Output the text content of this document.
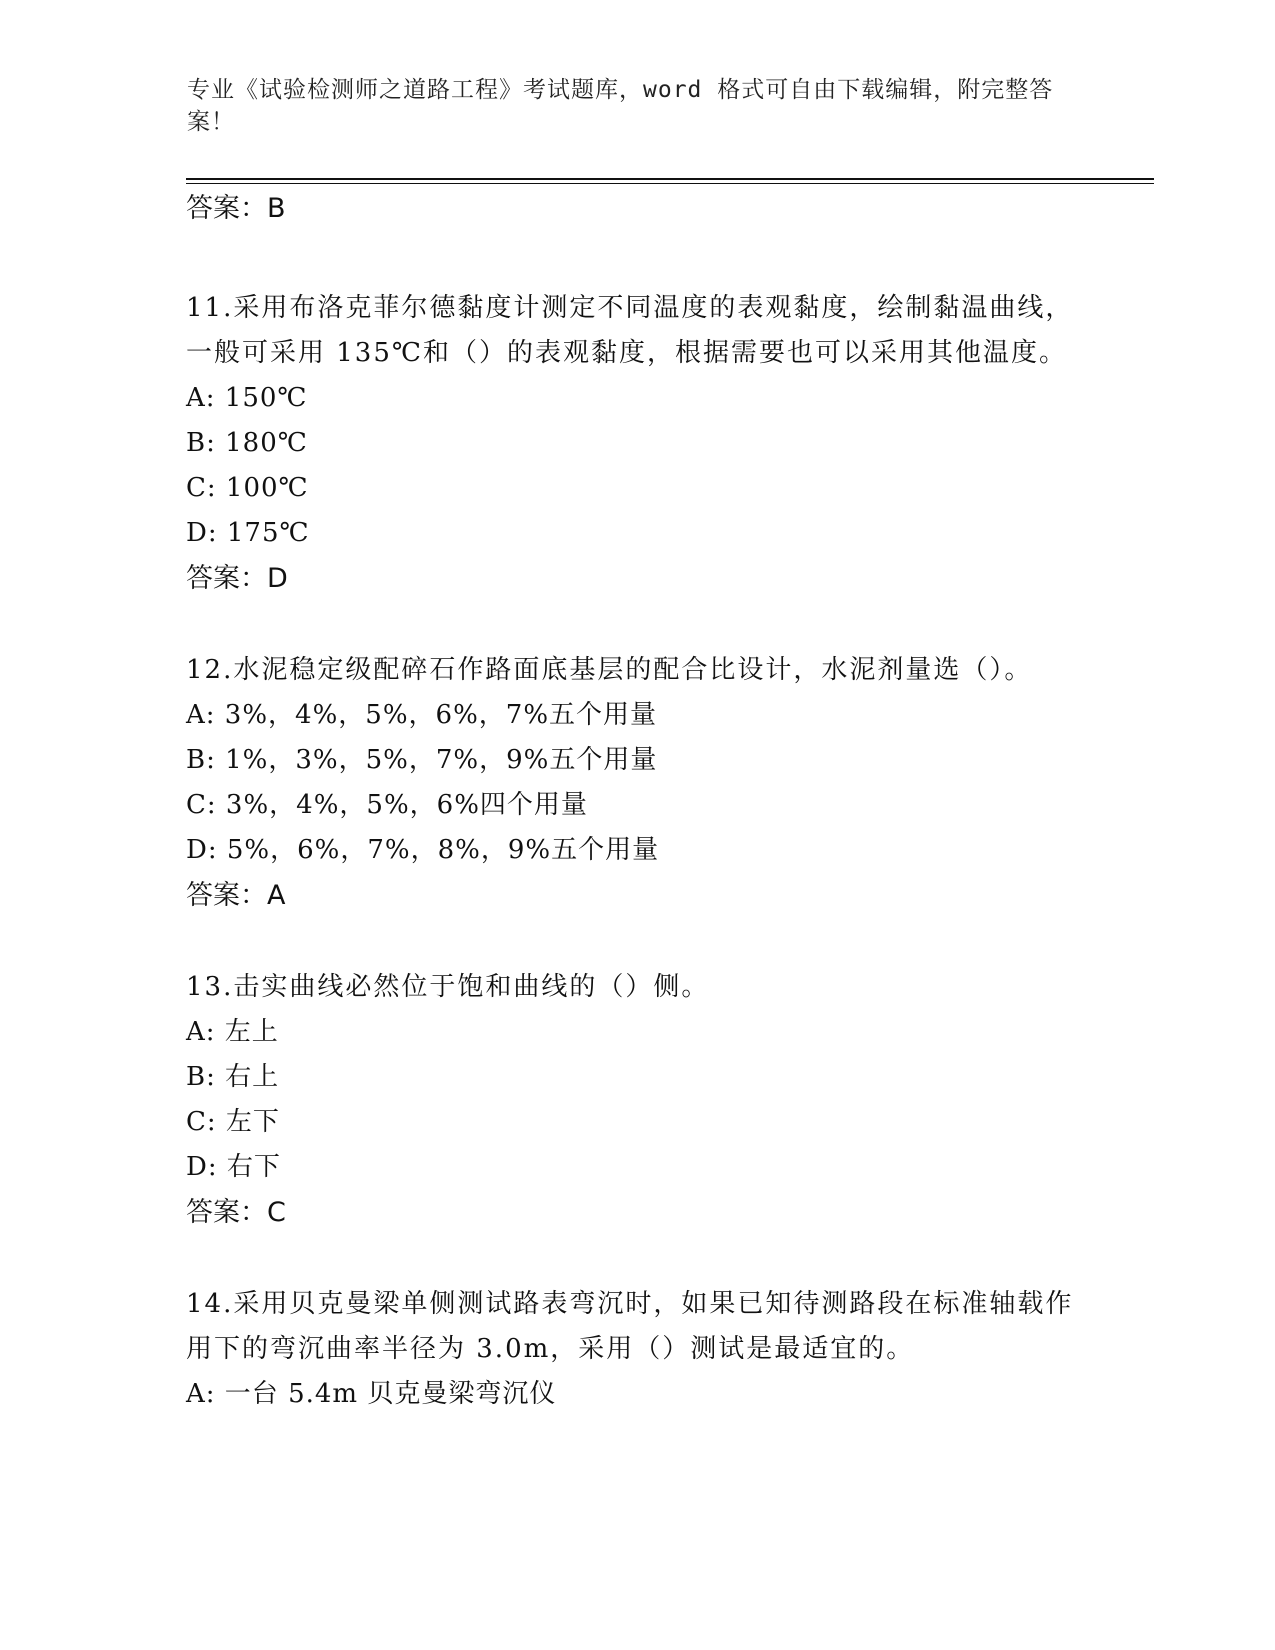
专业《试验检测师之道路工程》考试题库，word 格式可自由下载编辑，附完整答案！
答案：B
11.采用布洛克菲尔德黏度计测定不同温度的表观黏度，绘制黏温曲线，一般可采用 135℃和（）的表观黏度，根据需要也可以采用其他温度。
A: 150℃
B: 180℃
C: 100℃
D: 175℃
答案：D
12.水泥稳定级配碎石作路面底基层的配合比设计，水泥剂量选（）。
A: 3%，4%，5%，6%，7%五个用量
B: 1%，3%，5%，7%，9%五个用量
C: 3%，4%，5%，6%四个用量
D: 5%，6%，7%，8%，9%五个用量
答案：A
13.击实曲线必然位于饱和曲线的（）侧。
A: 左上
B: 右上
C: 左下
D: 右下
答案：C
14.采用贝克曼梁单侧测试路表弯沉时，如果已知待测路段在标准轴载作用下的弯沉曲率半径为 3.0m，采用（）测试是最适宜的。
A: 一台 5.4m 贝克曼梁弯沉仪
